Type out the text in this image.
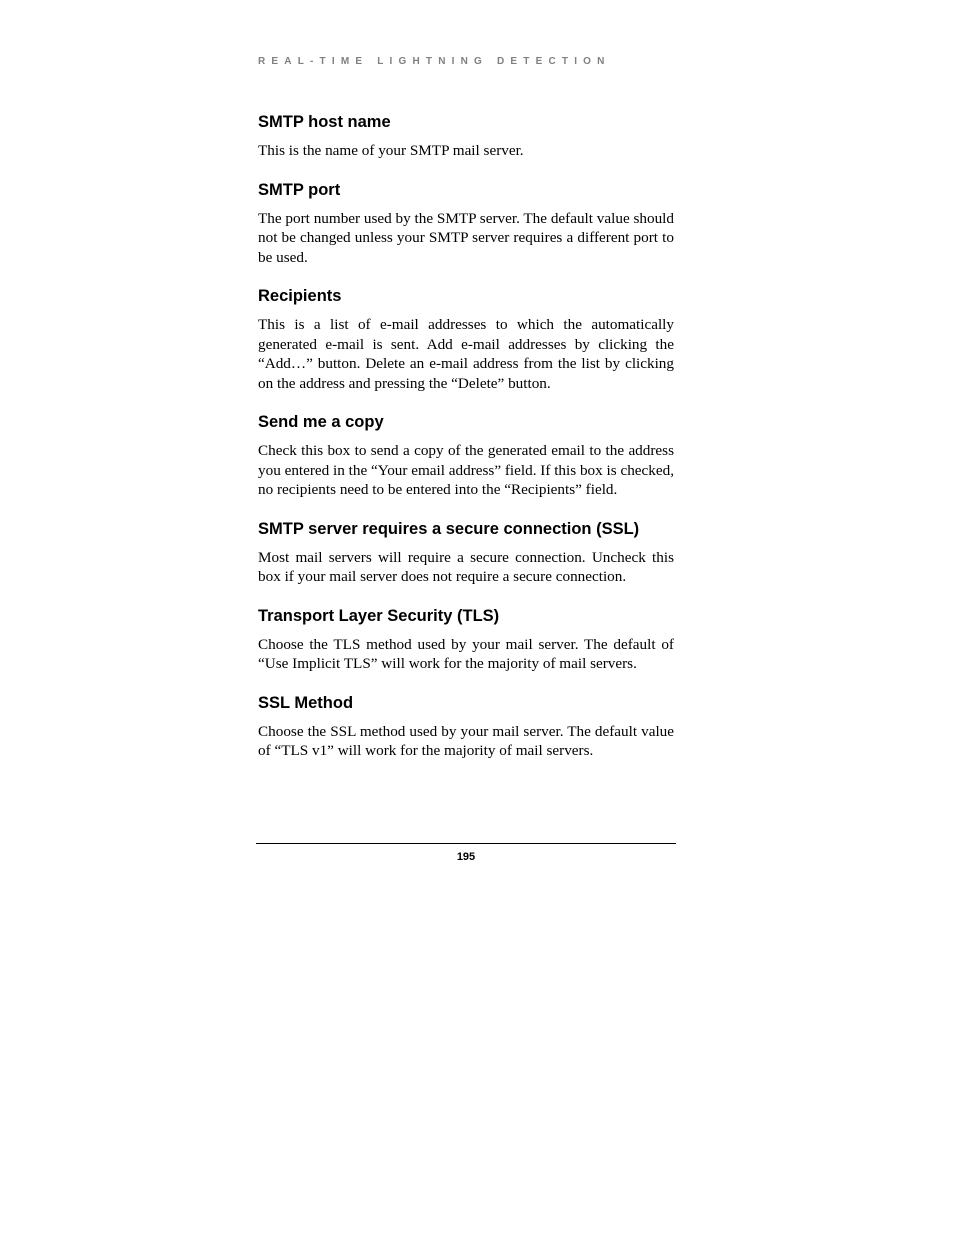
REAL-TIME LIGHTNING DETECTION
SMTP host name

This is the name of your SMTP mail server.

SMTP port

The port number used by the SMTP server. The default value should not be changed unless your SMTP server requires a different port to be used.

Recipients

This is a list of e-mail addresses to which the automatically generated e-mail is sent. Add e-mail addresses by clicking the “Add…” button. Delete an e-mail address from the list by clicking on the address and pressing the “Delete” button.

Send me a copy

Check this box to send a copy of the generated email to the address you entered in the “Your email address” field. If this box is checked, no recipients need to be entered into the “Recipients” field.

SMTP server requires a secure connection (SSL)

Most mail servers will require a secure connection. Uncheck this box if your mail server does not require a secure connection.

Transport Layer Security (TLS)

Choose the TLS method used by your mail server. The default of “Use Implicit TLS” will work for the majority of mail servers.

SSL Method

Choose the SSL method used by your mail server. The default value of “TLS v1” will work for the majority of mail servers.

195
